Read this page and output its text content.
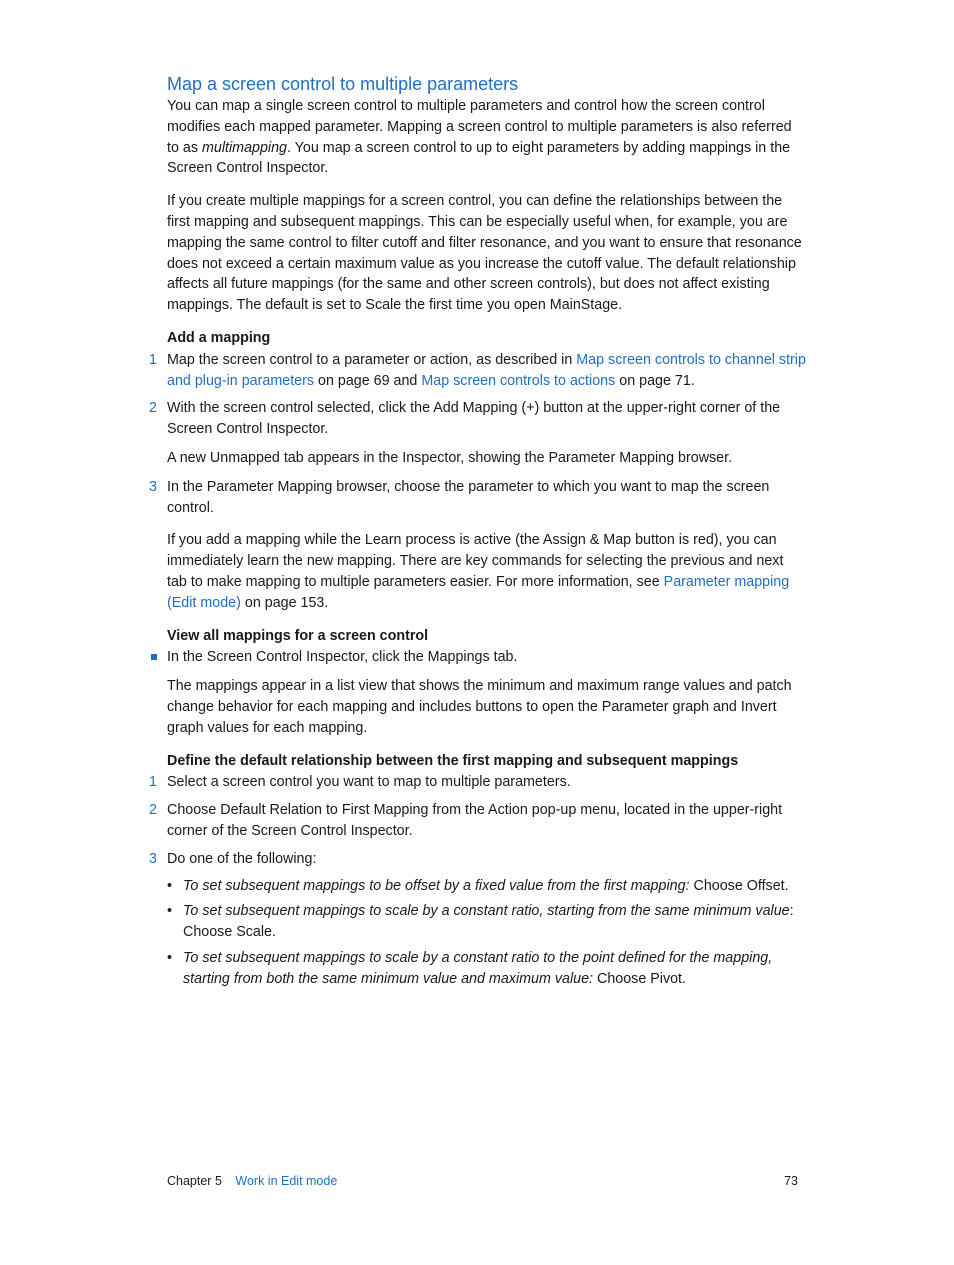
Map a screen control to multiple parameters

You can map a single screen control to multiple parameters and control how the screen control modifies each mapped parameter. Mapping a screen control to multiple parameters is also referred to as multimapping. You map a screen control to up to eight parameters by adding mappings in the Screen Control Inspector.

If you create multiple mappings for a screen control, you can define the relationships between the first mapping and subsequent mappings. This can be especially useful when, for example, you are mapping the same control to filter cutoff and filter resonance, and you want to ensure that resonance does not exceed a certain maximum value as you increase the cutoff value. The default relationship affects all future mappings (for the same and other screen controls), but does not affect existing mappings. The default is set to Scale the first time you open MainStage.

Add a mapping

1 Map the screen control to a parameter or action, as described in Map screen controls to channel strip and plug-in parameters on page 69 and Map screen controls to actions on page 71.

2 With the screen control selected, click the Add Mapping (+) button at the upper-right corner of the Screen Control Inspector.

A new Unmapped tab appears in the Inspector, showing the Parameter Mapping browser.

3 In the Parameter Mapping browser, choose the parameter to which you want to map the screen control.

If you add a mapping while the Learn process is active (the Assign & Map button is red), you can immediately learn the new mapping. There are key commands for selecting the previous and next tab to make mapping to multiple parameters easier. For more information, see Parameter mapping (Edit mode) on page 153.

View all mappings for a screen control

In the Screen Control Inspector, click the Mappings tab.

The mappings appear in a list view that shows the minimum and maximum range values and patch change behavior for each mapping and includes buttons to open the Parameter graph and Invert graph values for each mapping.

Define the default relationship between the first mapping and subsequent mappings

1 Select a screen control you want to map to multiple parameters.

2 Choose Default Relation to First Mapping from the Action pop-up menu, located in the upper-right corner of the Screen Control Inspector.

3 Do one of the following:

• To set subsequent mappings to be offset by a fixed value from the first mapping: Choose Offset.

• To set subsequent mappings to scale by a constant ratio, starting from the same minimum value: Choose Scale.

• To set subsequent mappings to scale by a constant ratio to the point defined for the mapping, starting from both the same minimum value and maximum value: Choose Pivot.

Chapter 5 Work in Edit mode	73
